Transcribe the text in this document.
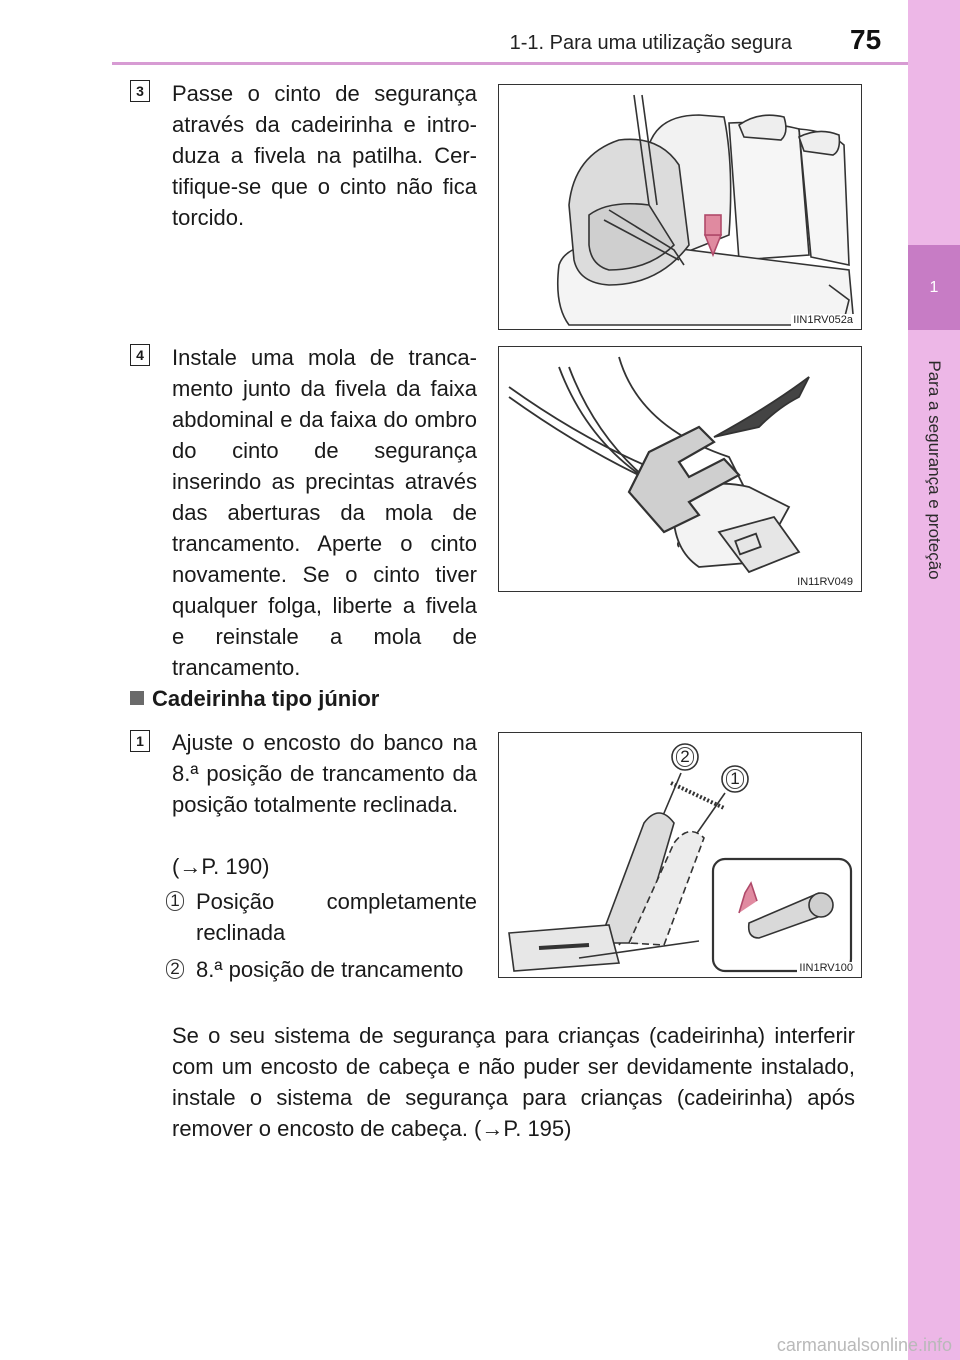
1-1. Para uma utilização segura 75
1
Para a segurança e proteção
3 Passe o cinto de segurança através da cadeirinha e introduza a fivela na patilha. Certifique-se que o cinto não fica torcido.

IIN1RV052a
4 Instale uma mola de trancamento junto da fivela da faixa abdominal e da faixa do ombro do cinto de segurança inserindo as precintas através das aberturas da mola de trancamento. Aperte o cinto novamente. Se o cinto tiver qualquer folga, liberte a fivela e reinstale a mola de trancamento.

IN11RV049
Cadeirinha tipo júnior
1 Ajuste o encosto do banco na 8.ª posição de trancamento da posição totalmente reclinada.

(→P. 190)

1 Posição completamente reclinada

2 8.ª posição de trancamento

2
1
IIN1RV100

Se o seu sistema de segurança para crianças (cadeirinha) interferir com um encosto de cabeça e não puder ser devidamente instalado, instale o sistema de segurança para crianças (cadeirinha) após remover o encosto de cabeça. (→P. 195)

carmanualsonline.info
